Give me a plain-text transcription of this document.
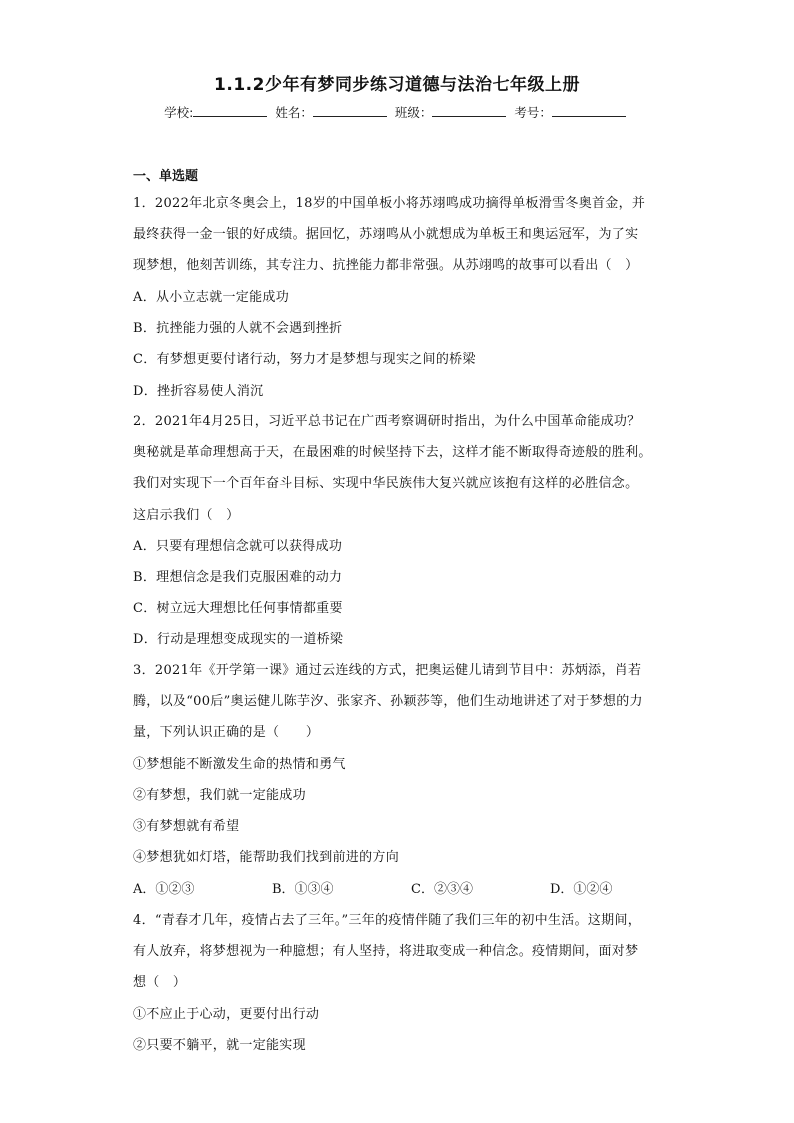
1.1.2少年有梦同步练习道德与法治七年级上册
学校:	姓名：	班级：	考号：
一、单选题
1．2022年北京冬奥会上，18岁的中国单板小将苏翊鸣成功摘得单板滑雪冬奥首金，并
最终获得一金一银的好成绩。据回忆，苏翊鸣从小就想成为单板王和奥运冠军，为了实
现梦想，他刻苦训练，其专注力、抗挫能力都非常强。从苏翊鸣的故事可以看出（　）
A．从小立志就一定能成功
B．抗挫能力强的人就不会遇到挫折
C．有梦想更要付诸行动，努力才是梦想与现实之间的桥梁
D．挫折容易使人消沉
2．2021年4月25日，习近平总书记在广西考察调研时指出，为什么中国革命能成功？
奥秘就是革命理想高于天，在最困难的时候坚持下去，这样才能不断取得奇迹般的胜利。
我们对实现下一个百年奋斗目标、实现中华民族伟大复兴就应该抱有这样的必胜信念。
这启示我们（　）
A．只要有理想信念就可以获得成功
B．理想信念是我们克服困难的动力
C．树立远大理想比任何事情都重要
D．行动是理想变成现实的一道桥梁
3．2021年《开学第一课》通过云连线的方式，把奥运健儿请到节目中：苏炳添，肖若
腾，以及“00后”奥运健儿陈芋汐、张家齐、孙颖莎等，他们生动地讲述了对于梦想的力
量，下列认识正确的是（　　）
①梦想能不断激发生命的热情和勇气
②有梦想，我们就一定能成功
③有梦想就有希望
④梦想犹如灯塔，能帮助我们找到前进的方向
A．①②③	B．①③④	C．②③④	D．①②④
4．“青春才几年，疫情占去了三年。”三年的疫情伴随了我们三年的初中生活。这期间，
有人放弃，将梦想视为一种臆想；有人坚持，将进取变成一种信念。疫情期间，面对梦
想（　）
①不应止于心动，更要付出行动
②只要不躺平，就一定能实现
